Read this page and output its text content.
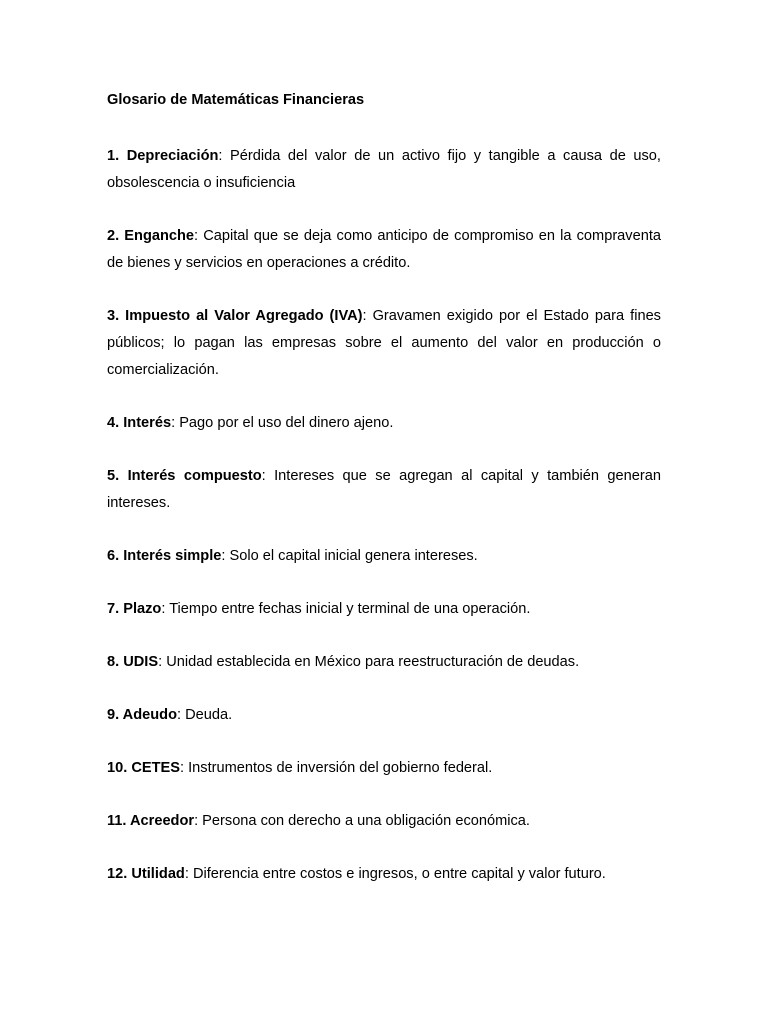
Glosario de Matemáticas Financieras

1. Depreciación: Pérdida del valor de un activo fijo y tangible a causa de uso, obsolescencia o insuficiencia

2. Enganche: Capital que se deja como anticipo de compromiso en la compraventa de bienes y servicios en operaciones a crédito.

3. Impuesto al Valor Agregado (IVA): Gravamen exigido por el Estado para fines públicos; lo pagan las empresas sobre el aumento del valor en producción o comercialización.

4. Interés: Pago por el uso del dinero ajeno.

5. Interés compuesto: Intereses que se agregan al capital y también generan intereses.

6. Interés simple: Solo el capital inicial genera intereses.

7. Plazo: Tiempo entre fechas inicial y terminal de una operación.

8. UDIS: Unidad establecida en México para reestructuración de deudas.

9. Adeudo: Deuda.

10. CETES: Instrumentos de inversión del gobierno federal.

11. Acreedor: Persona con derecho a una obligación económica.

12. Utilidad: Diferencia entre costos e ingresos, o entre capital y valor futuro.
